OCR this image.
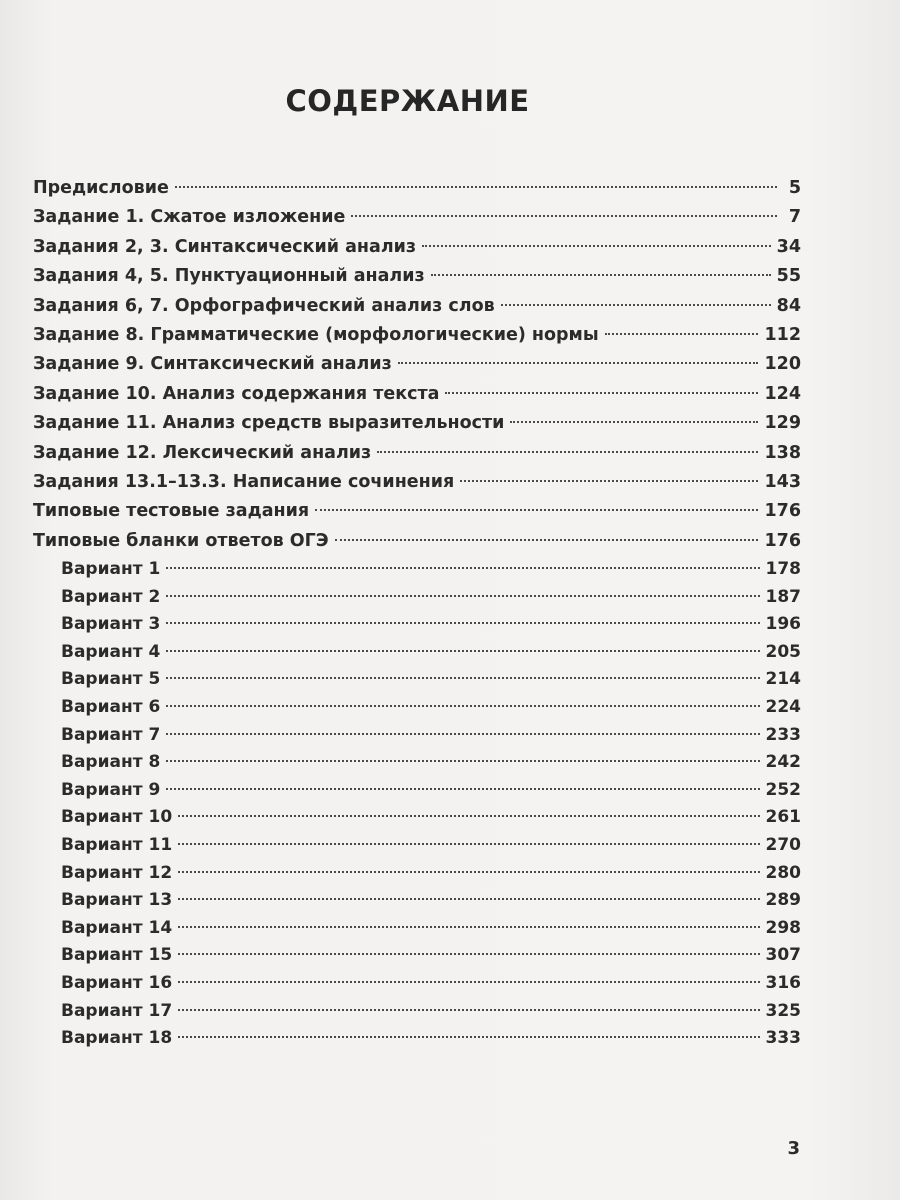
СОДЕРЖАНИЕ
Предисловие	5
Задание 1. Сжатое изложение	7
Задания 2, 3. Синтаксический анализ	34
Задания 4, 5. Пунктуационный анализ	55
Задания 6, 7. Орфографический анализ слов	84
Задание 8. Грамматические (морфологические) нормы	112
Задание 9. Синтаксический анализ	120
Задание 10. Анализ содержания текста	124
Задание 11. Анализ средств выразительности	129
Задание 12. Лексический анализ	138
Задания 13.1–13.3. Написание сочинения	143
Типовые тестовые задания	176
Типовые бланки ответов ОГЭ	176
Вариант 1	178
Вариант 2	187
Вариант 3	196
Вариант 4	205
Вариант 5	214
Вариант 6	224
Вариант 7	233
Вариант 8	242
Вариант 9	252
Вариант 10	261
Вариант 11	270
Вариант 12	280
Вариант 13	289
Вариант 14	298
Вариант 15	307
Вариант 16	316
Вариант 17	325
Вариант 18	333
3
